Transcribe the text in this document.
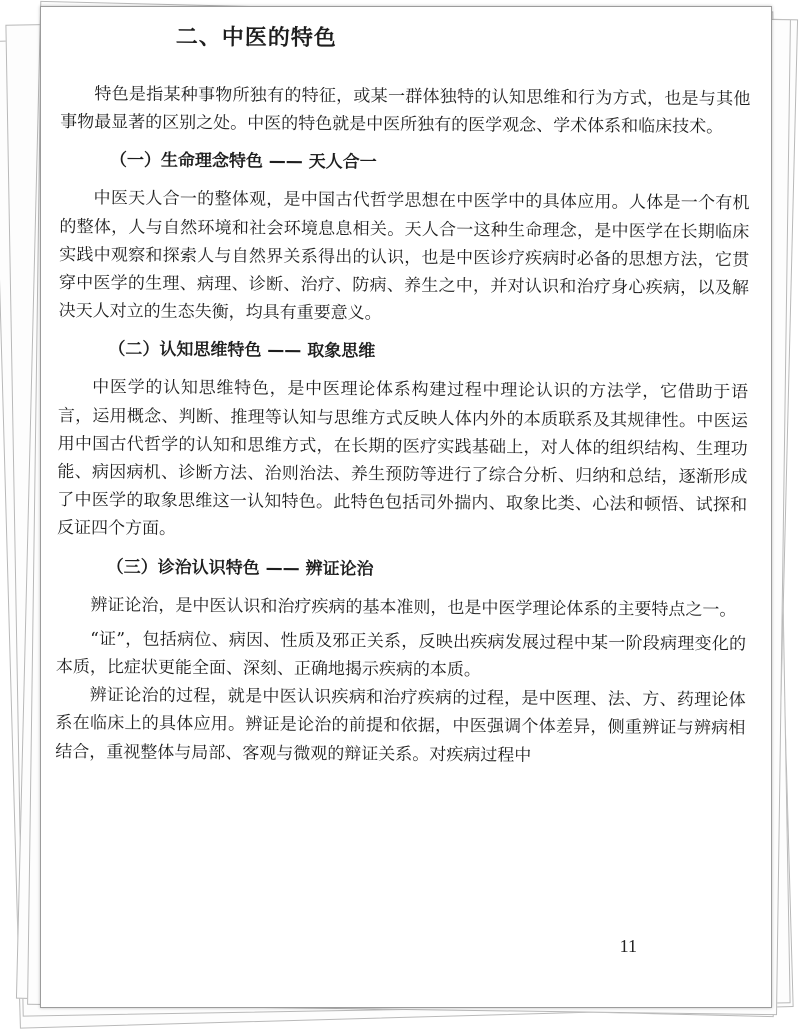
二、中医的特色

特色是指某种事物所独有的特征，或某一群体独特的认知思维和行为方式，也是与其他事物最显著的区别之处。中医的特色就是中医所独有的医学观念、学术体系和临床技术。

（一）生命理念特色 —— 天人合一

中医天人合一的整体观，是中国古代哲学思想在中医学中的具体应用。人体是一个有机的整体，人与自然环境和社会环境息息相关。天人合一这种生命理念，是中医学在长期临床实践中观察和探索人与自然界关系得出的认识，也是中医诊疗疾病时必备的思想方法，它贯穿中医学的生理、病理、诊断、治疗、防病、养生之中，并对认识和治疗身心疾病，以及解决天人对立的生态失衡，均具有重要意义。

（二）认知思维特色 —— 取象思维

中医学的认知思维特色，是中医理论体系构建过程中理论认识的方法学，它借助于语言，运用概念、判断、推理等认知与思维方式反映人体内外的本质联系及其规律性。中医运用中国古代哲学的认知和思维方式，在长期的医疗实践基础上，对人体的组织结构、生理功能、病因病机、诊断方法、治则治法、养生预防等进行了综合分析、归纳和总结，逐渐形成了中医学的取象思维这一认知特色。此特色包括司外揣内、取象比类、心法和顿悟、试探和反证四个方面。

（三）诊治认识特色 —— 辨证论治

辨证论治，是中医认识和治疗疾病的基本准则，也是中医学理论体系的主要特点之一。

“证”，包括病位、病因、性质及邪正关系，反映出疾病发展过程中某一阶段病理变化的本质，比症状更能全面、深刻、正确地揭示疾病的本质。

辨证论治的过程，就是中医认识疾病和治疗疾病的过程，是中医理、法、方、药理论体系在临床上的具体应用。辨证是论治的前提和依据，中医强调个体差异，侧重辨证与辨病相结合，重视整体与局部、客观与微观的辩证关系。对疾病过程中

11
